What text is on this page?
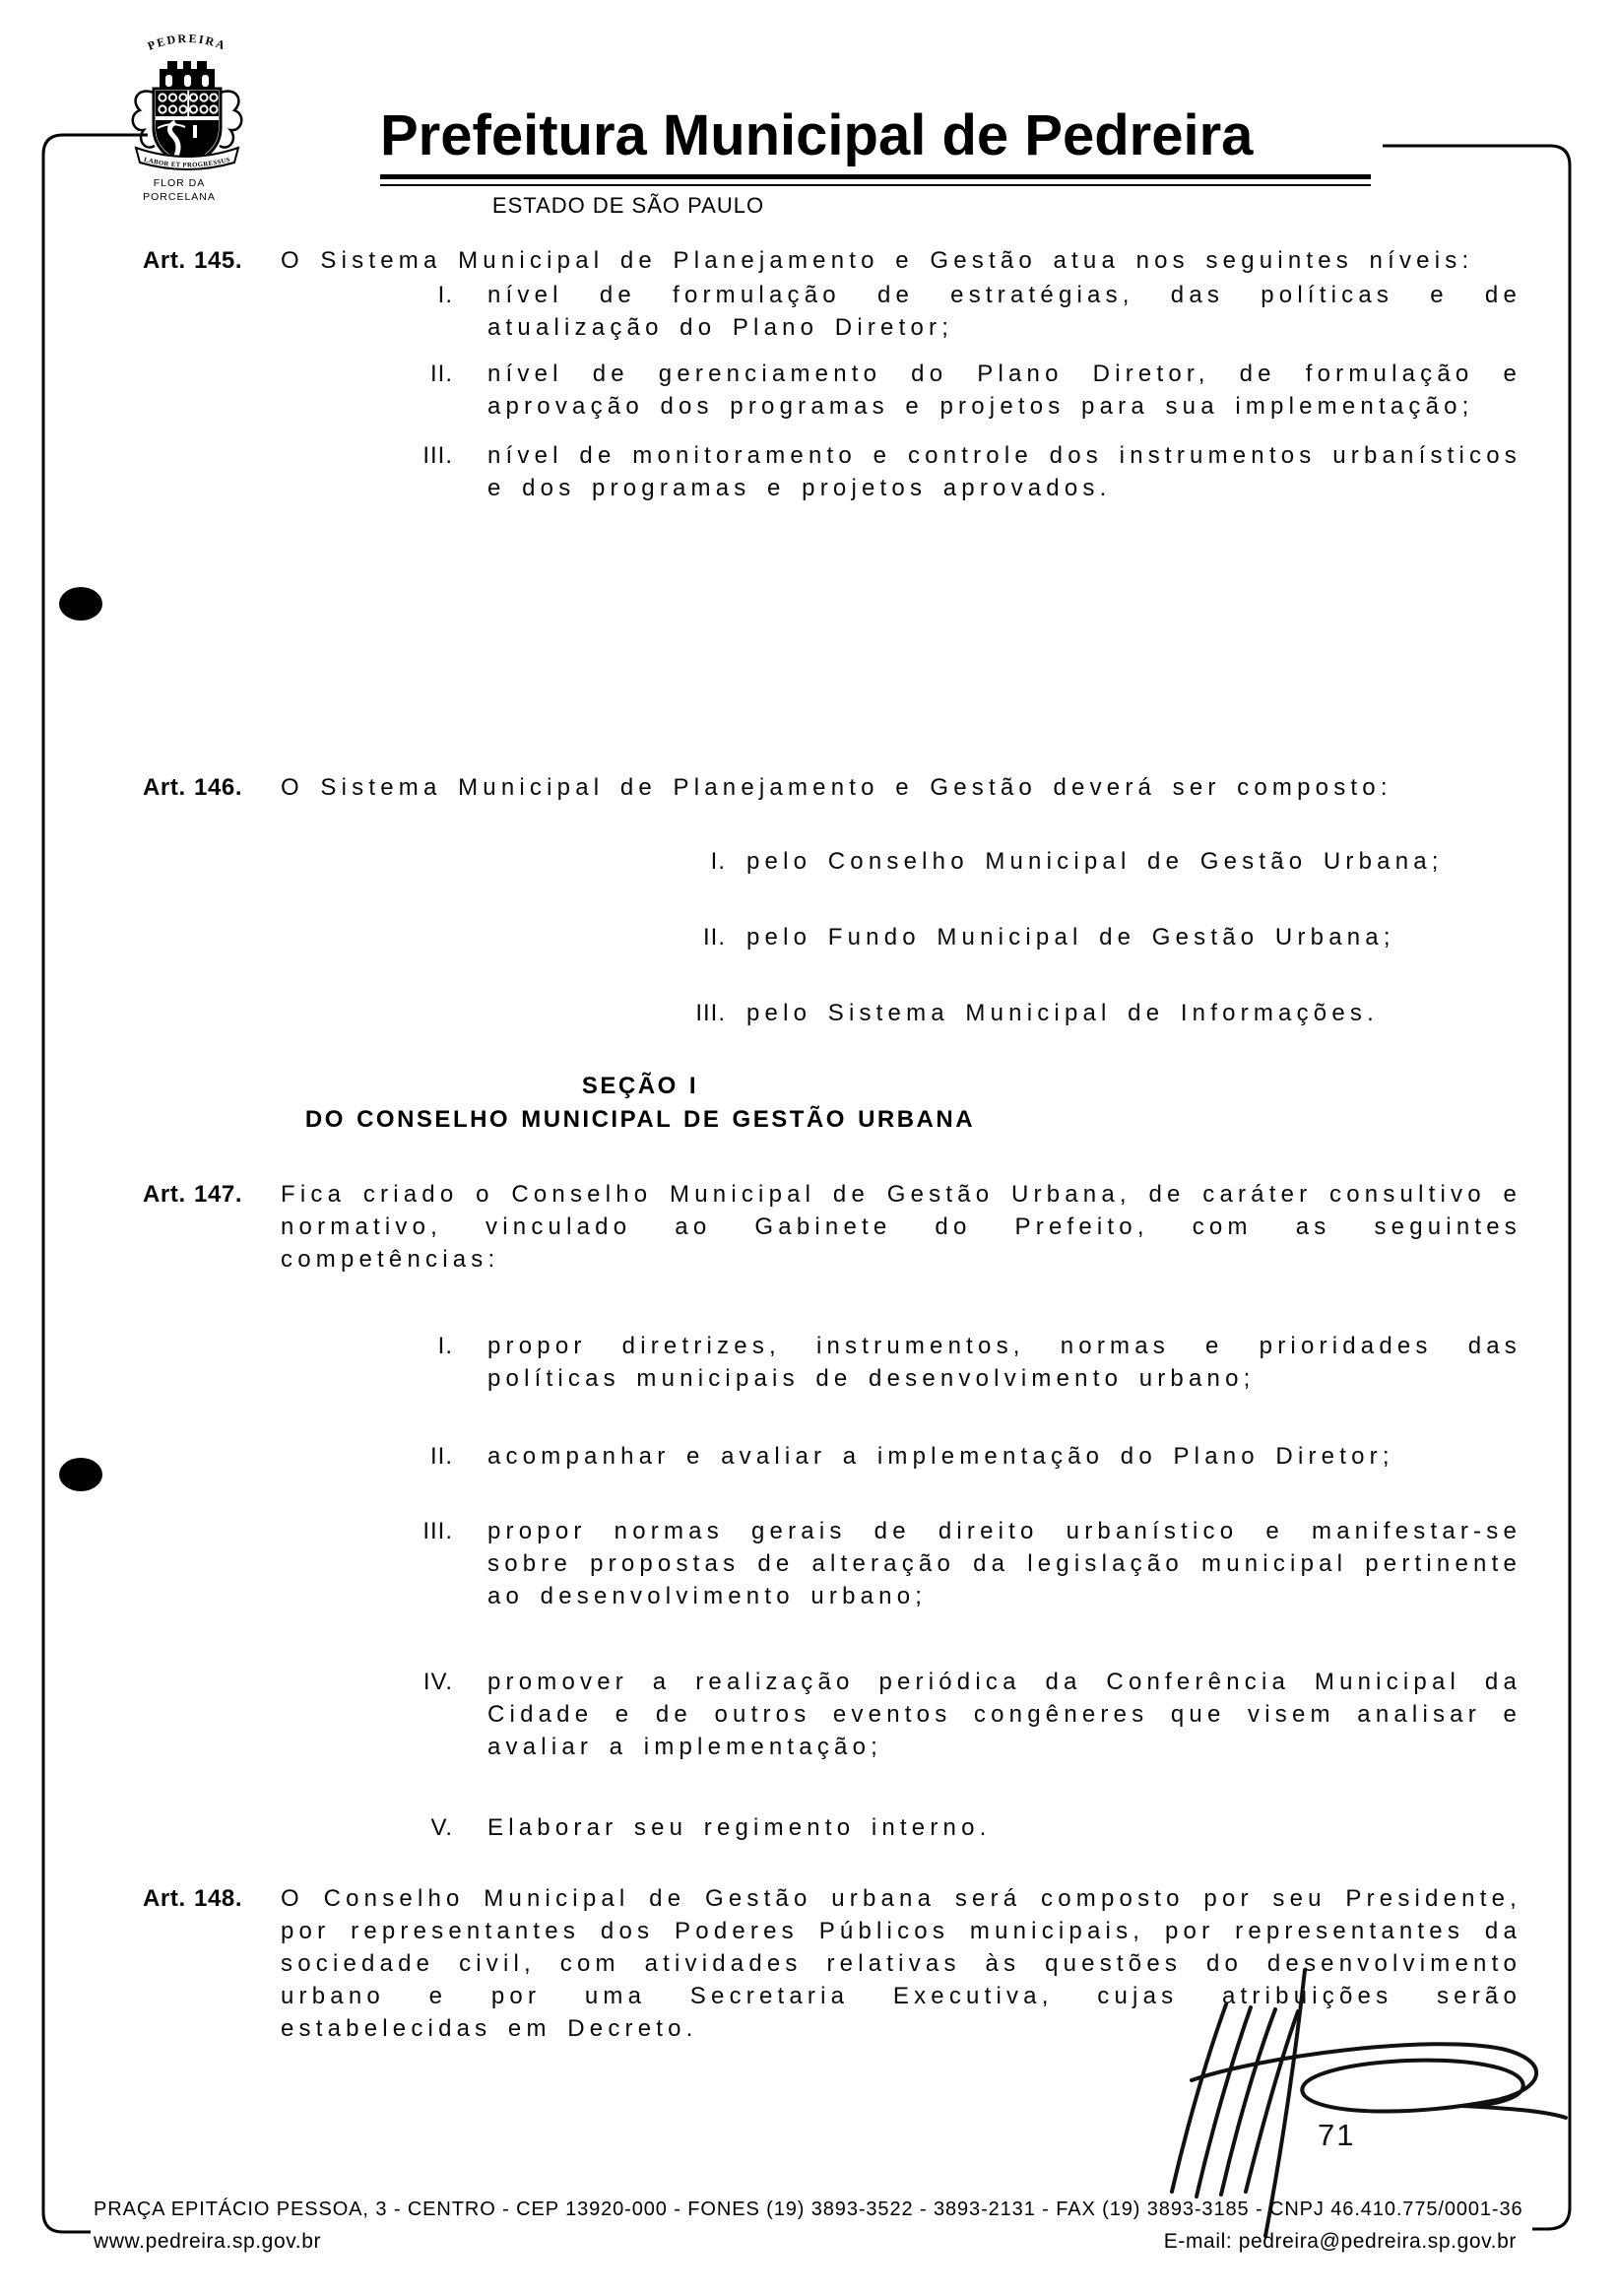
PEDREIRA
LABOR ET PROGRESSUS
FLOR DA
PORCELANA
Prefeitura Municipal de Pedreira
ESTADO DE SÃO PAULO
Art. 145. O Sistema Municipal de Planejamento e Gestão atua nos seguintes níveis:

I. nível de formulação de estratégias, das políticas e de atualização do Plano Diretor;

II. nível de gerenciamento do Plano Diretor, de formulação e aprovação dos programas e projetos para sua implementação;

III. nível de monitoramento e controle dos instrumentos urbanísticos e dos programas e projetos aprovados.

Art. 146. O Sistema Municipal de Planejamento e Gestão deverá ser composto:

I. pelo Conselho Municipal de Gestão Urbana;

II. pelo Fundo Municipal de Gestão Urbana;

III. pelo Sistema Municipal de Informações.

SEÇÃO I
DO CONSELHO MUNICIPAL DE GESTÃO URBANA
Art. 147. Fica criado o Conselho Municipal de Gestão Urbana, de caráter consultivo e normativo, vinculado ao Gabinete do Prefeito, com as seguintes competências:

I. propor diretrizes, instrumentos, normas e prioridades das políticas municipais de desenvolvimento urbano;

II. acompanhar e avaliar a implementação do Plano Diretor;

III. propor normas gerais de direito urbanístico e manifestar-se sobre propostas de alteração da legislação municipal pertinente ao desenvolvimento urbano;

IV. promover a realização periódica da Conferência Municipal da Cidade e de outros eventos congêneres que visem analisar e avaliar a implementação;

V. Elaborar seu regimento interno.

Art. 148. O Conselho Municipal de Gestão urbana será composto por seu Presidente, por representantes dos Poderes Públicos municipais, por representantes da sociedade civil, com atividades relativas às questões do desenvolvimento urbano e por uma Secretaria Executiva, cujas atribuições serão estabelecidas em Decreto.

71
PRAÇA EPITÁCIO PESSOA, 3 - CENTRO - CEP 13920-000 - FONES (19) 3893-3522 - 3893-2131 - FAX (19) 3893-3185 - CNPJ 46.410.775/0001-36
www.pedreira.sp.gov.br	E-mail: pedreira@pedreira.sp.gov.br
